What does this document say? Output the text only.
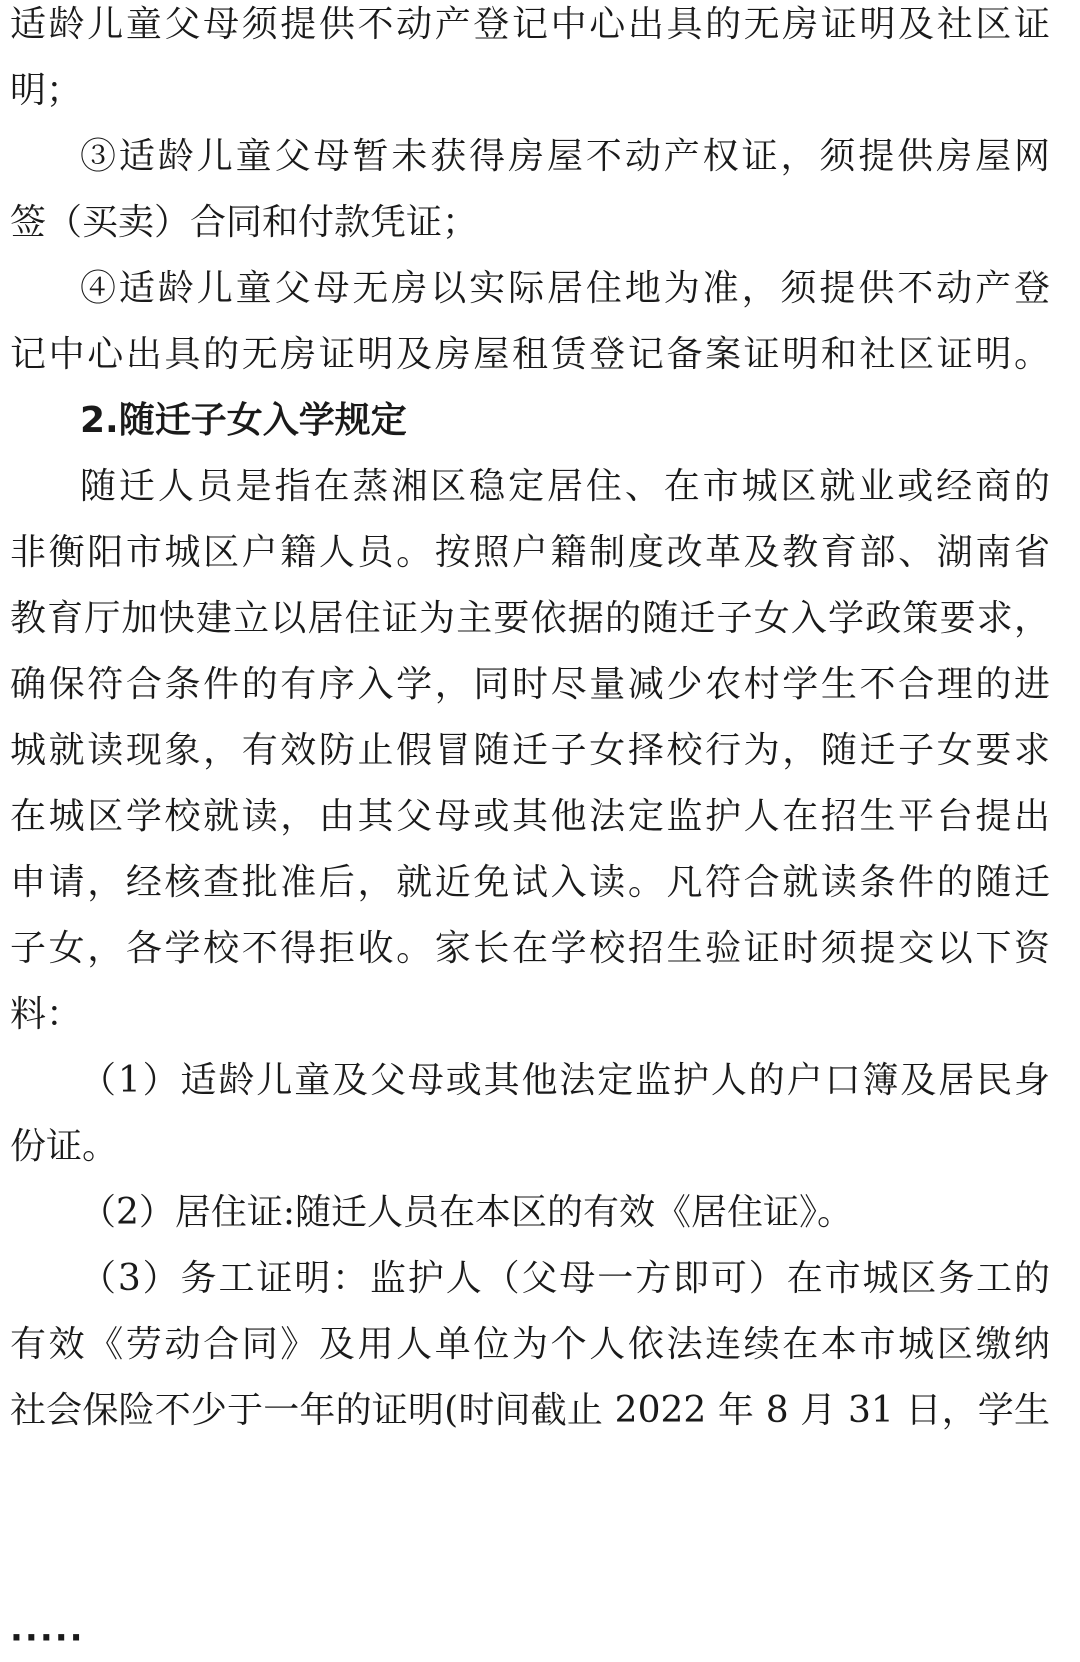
适龄儿童父母须提供不动产登记中心出具的无房证明及社区证
明；
③适龄儿童父母暂未获得房屋不动产权证，须提供房屋网
签（买卖）合同和付款凭证；
④适龄儿童父母无房以实际居住地为准，须提供不动产登
记中心出具的无房证明及房屋租赁登记备案证明和社区证明。
2.随迁子女入学规定
随迁人员是指在蒸湘区稳定居住、在市城区就业或经商的
非衡阳市城区户籍人员。按照户籍制度改革及教育部、湖南省
教育厅加快建立以居住证为主要依据的随迁子女入学政策要求，
确保符合条件的有序入学，同时尽量减少农村学生不合理的进
城就读现象，有效防止假冒随迁子女择校行为，随迁子女要求
在城区学校就读，由其父母或其他法定监护人在招生平台提出
申请，经核查批准后，就近免试入读。凡符合就读条件的随迁
子女，各学校不得拒收。家长在学校招生验证时须提交以下资
料：
（1）适龄儿童及父母或其他法定监护人的户口簿及居民身
份证。
（2）居住证:随迁人员在本区的有效《居住证》。
（3）务工证明：监护人（父母一方即可）在市城区务工的
有效《劳动合同》及用人单位为个人依法连续在本市城区缴纳
社会保险不少于一年的证明(时间截止 2022 年 8 月 31 日，学生
·····
